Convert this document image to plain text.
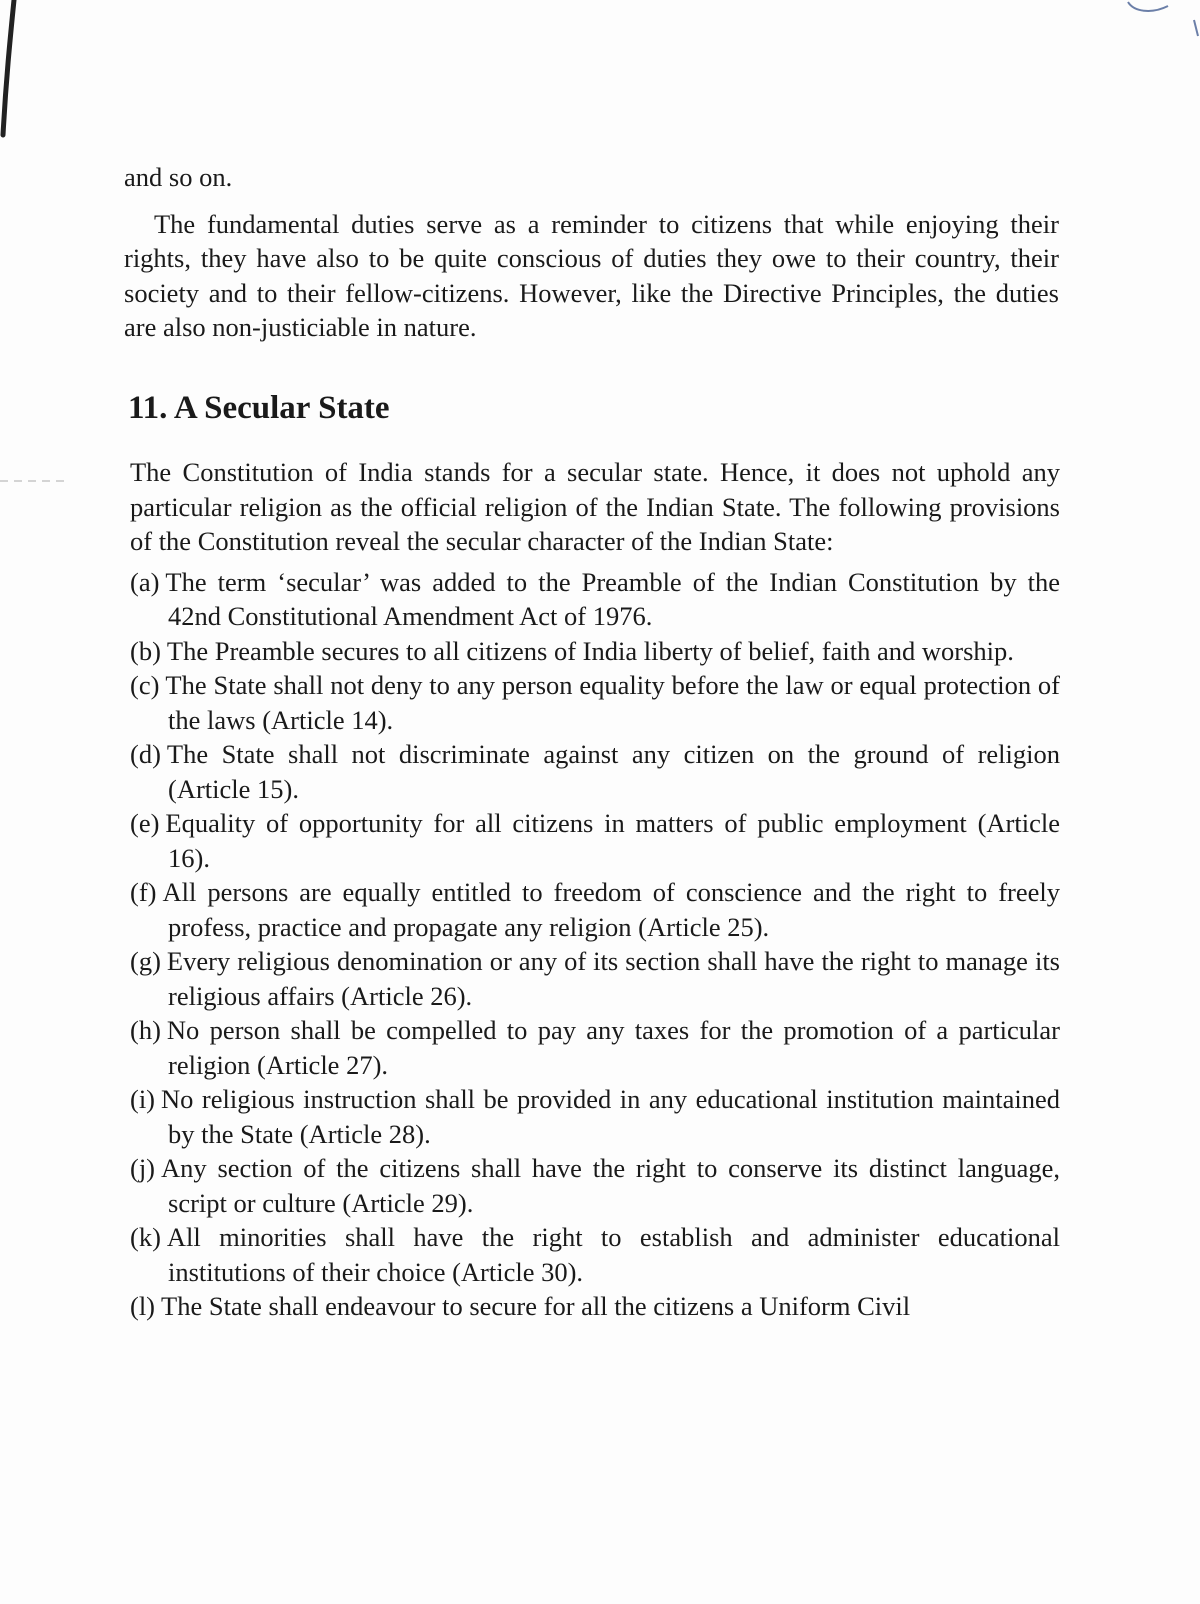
and so on.

The fundamental duties serve as a reminder to citizens that while enjoying their rights, they have also to be quite conscious of duties they owe to their country, their society and to their fellow-citizens. However, like the Directive Principles, the duties are also non-justiciable in nature.

11. A Secular State

The Constitution of India stands for a secular state. Hence, it does not uphold any particular religion as the official religion of the Indian State. The following provisions of the Constitution reveal the secular character of the Indian State:

(a) The term ‘secular’ was added to the Preamble of the Indian Constitution by the 42nd Constitutional Amendment Act of 1976.
(b) The Preamble secures to all citizens of India liberty of belief, faith and worship.
(c) The State shall not deny to any person equality before the law or equal protection of the laws (Article 14).
(d) The State shall not discriminate against any citizen on the ground of religion (Article 15).
(e) Equality of opportunity for all citizens in matters of public employment (Article 16).
(f) All persons are equally entitled to freedom of conscience and the right to freely profess, practice and propagate any religion (Article 25).
(g) Every religious denomination or any of its section shall have the right to manage its religious affairs (Article 26).
(h) No person shall be compelled to pay any taxes for the promotion of a particular religion (Article 27).
(i) No religious instruction shall be provided in any educational institution maintained by the State (Article 28).
(j) Any section of the citizens shall have the right to conserve its distinct language, script or culture (Article 29).
(k) All minorities shall have the right to establish and administer educational institutions of their choice (Article 30).
(l) The State shall endeavour to secure for all the citizens a Uniform Civil
